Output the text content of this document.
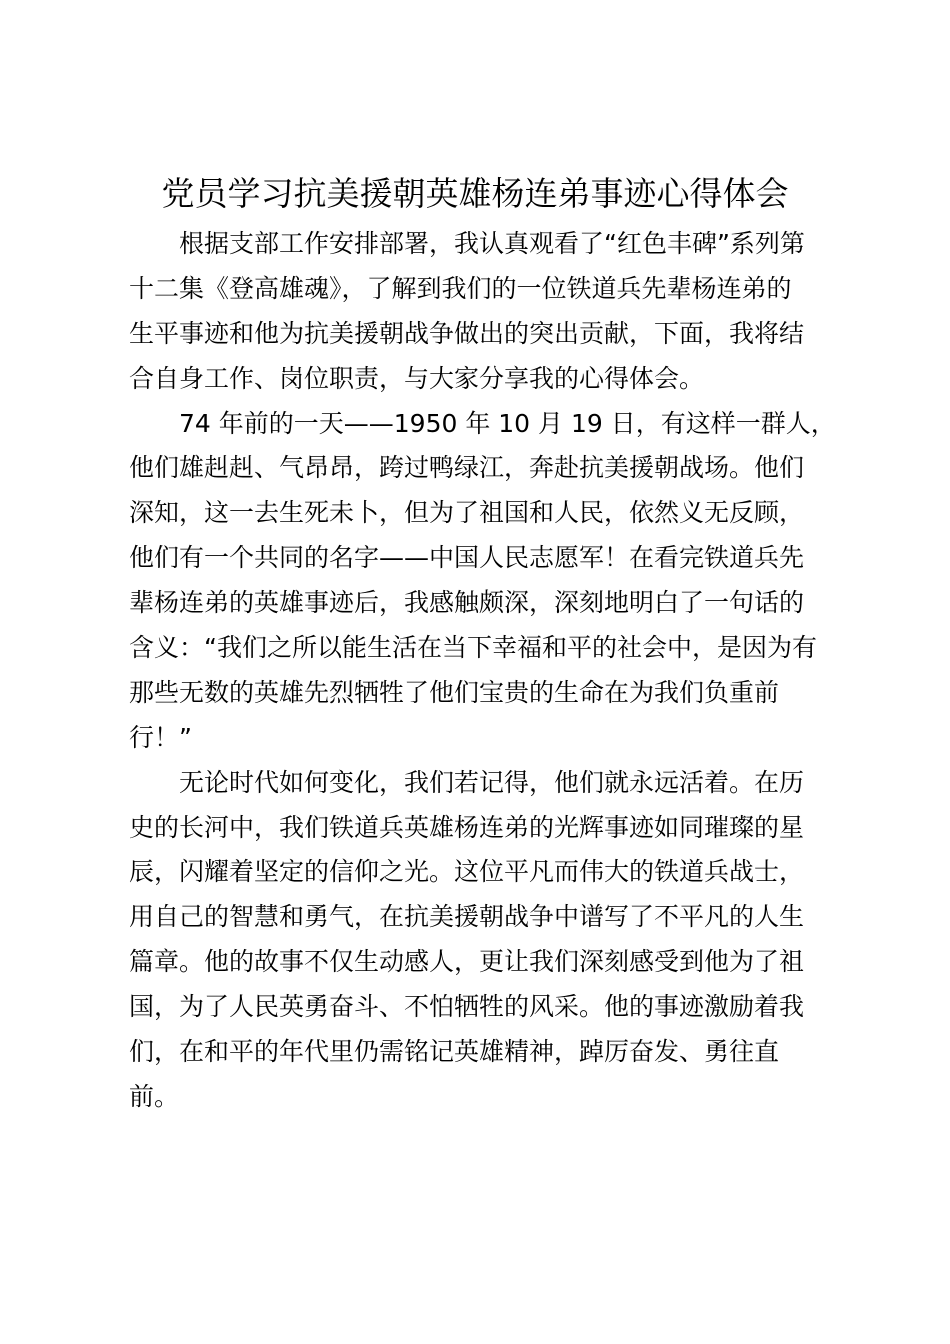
党员学习抗美援朝英雄杨连弟事迹心得体会
根据支部工作安排部署，我认真观看了“红色丰碑”系列第
十二集《登高雄魂》，了解到我们的一位铁道兵先辈杨连弟的
生平事迹和他为抗美援朝战争做出的突出贡献，下面，我将结
合自身工作、岗位职责，与大家分享我的心得体会。
74 年前的一天——1950 年 10 月 19 日，有这样一群人，
他们雄赳赳、气昂昂，跨过鸭绿江，奔赴抗美援朝战场。他们
深知，这一去生死未卜，但为了祖国和人民，依然义无反顾，
他们有一个共同的名字——中国人民志愿军！在看完铁道兵先
辈杨连弟的英雄事迹后，我感触颇深，深刻地明白了一句话的
含义：“我们之所以能生活在当下幸福和平的社会中，是因为有
那些无数的英雄先烈牺牲了他们宝贵的生命在为我们负重前
行！”
无论时代如何变化，我们若记得，他们就永远活着。在历
史的长河中，我们铁道兵英雄杨连弟的光辉事迹如同璀璨的星
辰，闪耀着坚定的信仰之光。这位平凡而伟大的铁道兵战士，
用自己的智慧和勇气，在抗美援朝战争中谱写了不平凡的人生
篇章。他的故事不仅生动感人，更让我们深刻感受到他为了祖
国，为了人民英勇奋斗、不怕牺牲的风采。他的事迹激励着我
们，在和平的年代里仍需铭记英雄精神，踔厉奋发、勇往直
前。
